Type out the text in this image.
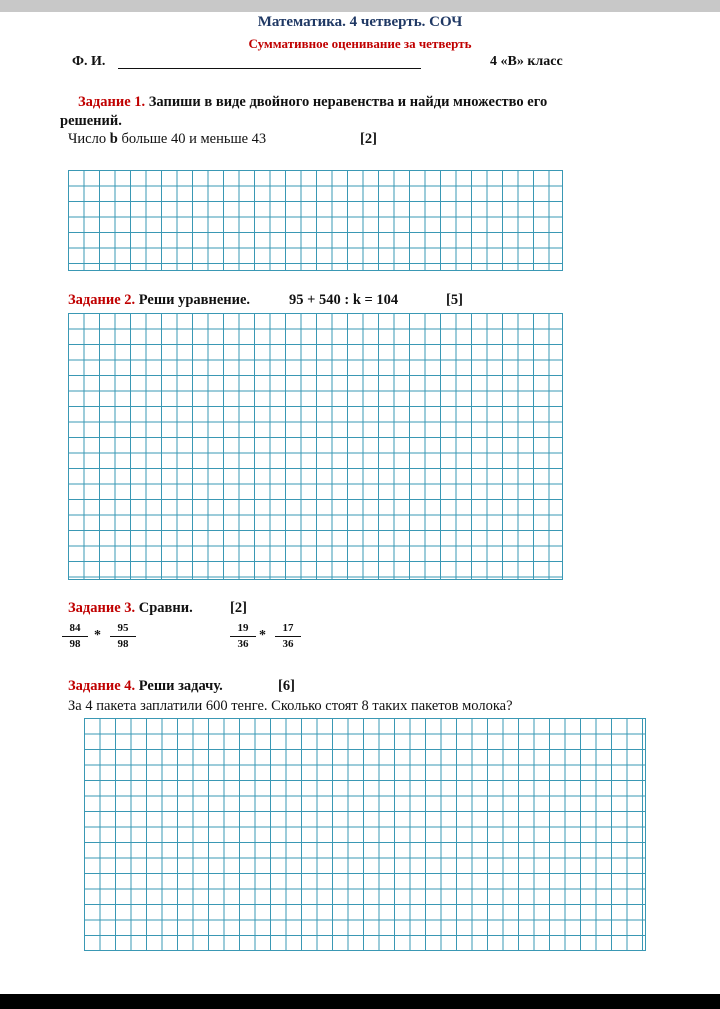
Математика. 4 четверть. СОЧ
Суммативное оценивание за четверть
Ф. И.	4 «В» класс
Задание 1. Запиши в виде двойного неравенства и найди множество его
решений.
Число b больше 40 и меньше 43	[2]
Задание 2. Реши уравнение.	95 + 540 : k = 104	[5]
Задание 3. Сравни.	[2]
$\frac{84}{98} * \frac{95}{98}$	$\frac{19}{36} * \frac{17}{36}$
Задание 4. Реши задачу.	[6]
За 4 пакета заплатили 600 тенге. Сколько стоят 8 таких пакетов молока?
